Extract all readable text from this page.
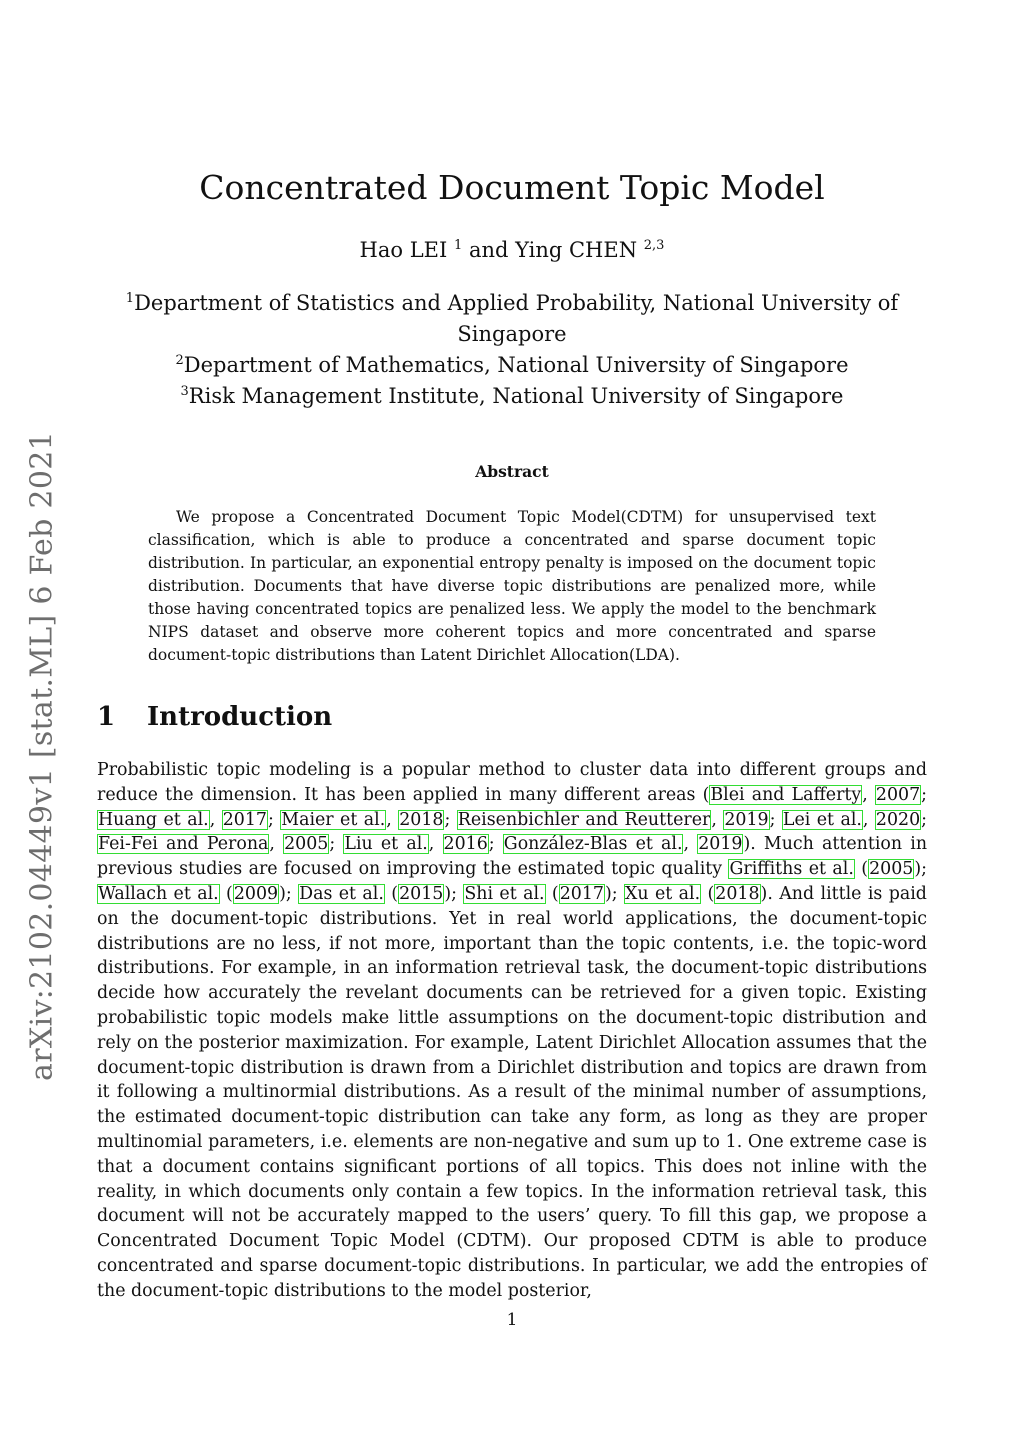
arXiv:2102.04449v1 [stat.ML] 6 Feb 2021
Concentrated Document Topic Model
Hao LEI $^1$ and Ying CHEN $^{2,3}$
$^1$Department of Statistics and Applied Probability, National University of Singapore
$^2$Department of Mathematics, National University of Singapore
$^3$Risk Management Institute, National University of Singapore
Abstract

We propose a Concentrated Document Topic Model(CDTM) for unsupervised text classification, which is able to produce a concentrated and sparse document topic distribution. In particular, an exponential entropy penalty is imposed on the document topic distribution. Documents that have diverse topic distributions are penalized more, while those having concentrated topics are penalized less. We apply the model to the benchmark NIPS dataset and observe more coherent topics and more concentrated and sparse document-topic distributions than Latent Dirichlet Allocation(LDA).

1 Introduction

Probabilistic topic modeling is a popular method to cluster data into different groups and reduce the dimension. It has been applied in many different areas (Blei and Lafferty, 2007; Huang et al., 2017; Maier et al., 2018; Reisenbichler and Reutterer, 2019; Lei et al., 2020; Fei-Fei and Perona, 2005; Liu et al., 2016; González-Blas et al., 2019). Much attention in previous studies are focused on improving the estimated topic quality Griffiths et al. (2005); Wallach et al. (2009); Das et al. (2015); Shi et al. (2017); Xu et al. (2018). And little is paid on the document-topic distributions. Yet in real world applications, the document-topic distributions are no less, if not more, important than the topic contents, i.e. the topic-word distributions. For example, in an information retrieval task, the document-topic distributions decide how accurately the revelant documents can be retrieved for a given topic. Existing probabilistic topic models make little assumptions on the document-topic distribution and rely on the posterior maximization. For example, Latent Dirichlet Allocation assumes that the document-topic distribution is drawn from a Dirichlet distribution and topics are drawn from it following a multinormial distributions. As a result of the minimal number of assumptions, the estimated document-topic distribution can take any form, as long as they are proper multinomial parameters, i.e. elements are non-negative and sum up to 1. One extreme case is that a document contains significant portions of all topics. This does not inline with the reality, in which documents only contain a few topics. In the information retrieval task, this document will not be accurately mapped to the users’ query. To fill this gap, we propose a Concentrated Document Topic Model (CDTM). Our proposed CDTM is able to produce concentrated and sparse document-topic distributions. In particular, we add the entropies of the document-topic distributions to the model posterior,

1
